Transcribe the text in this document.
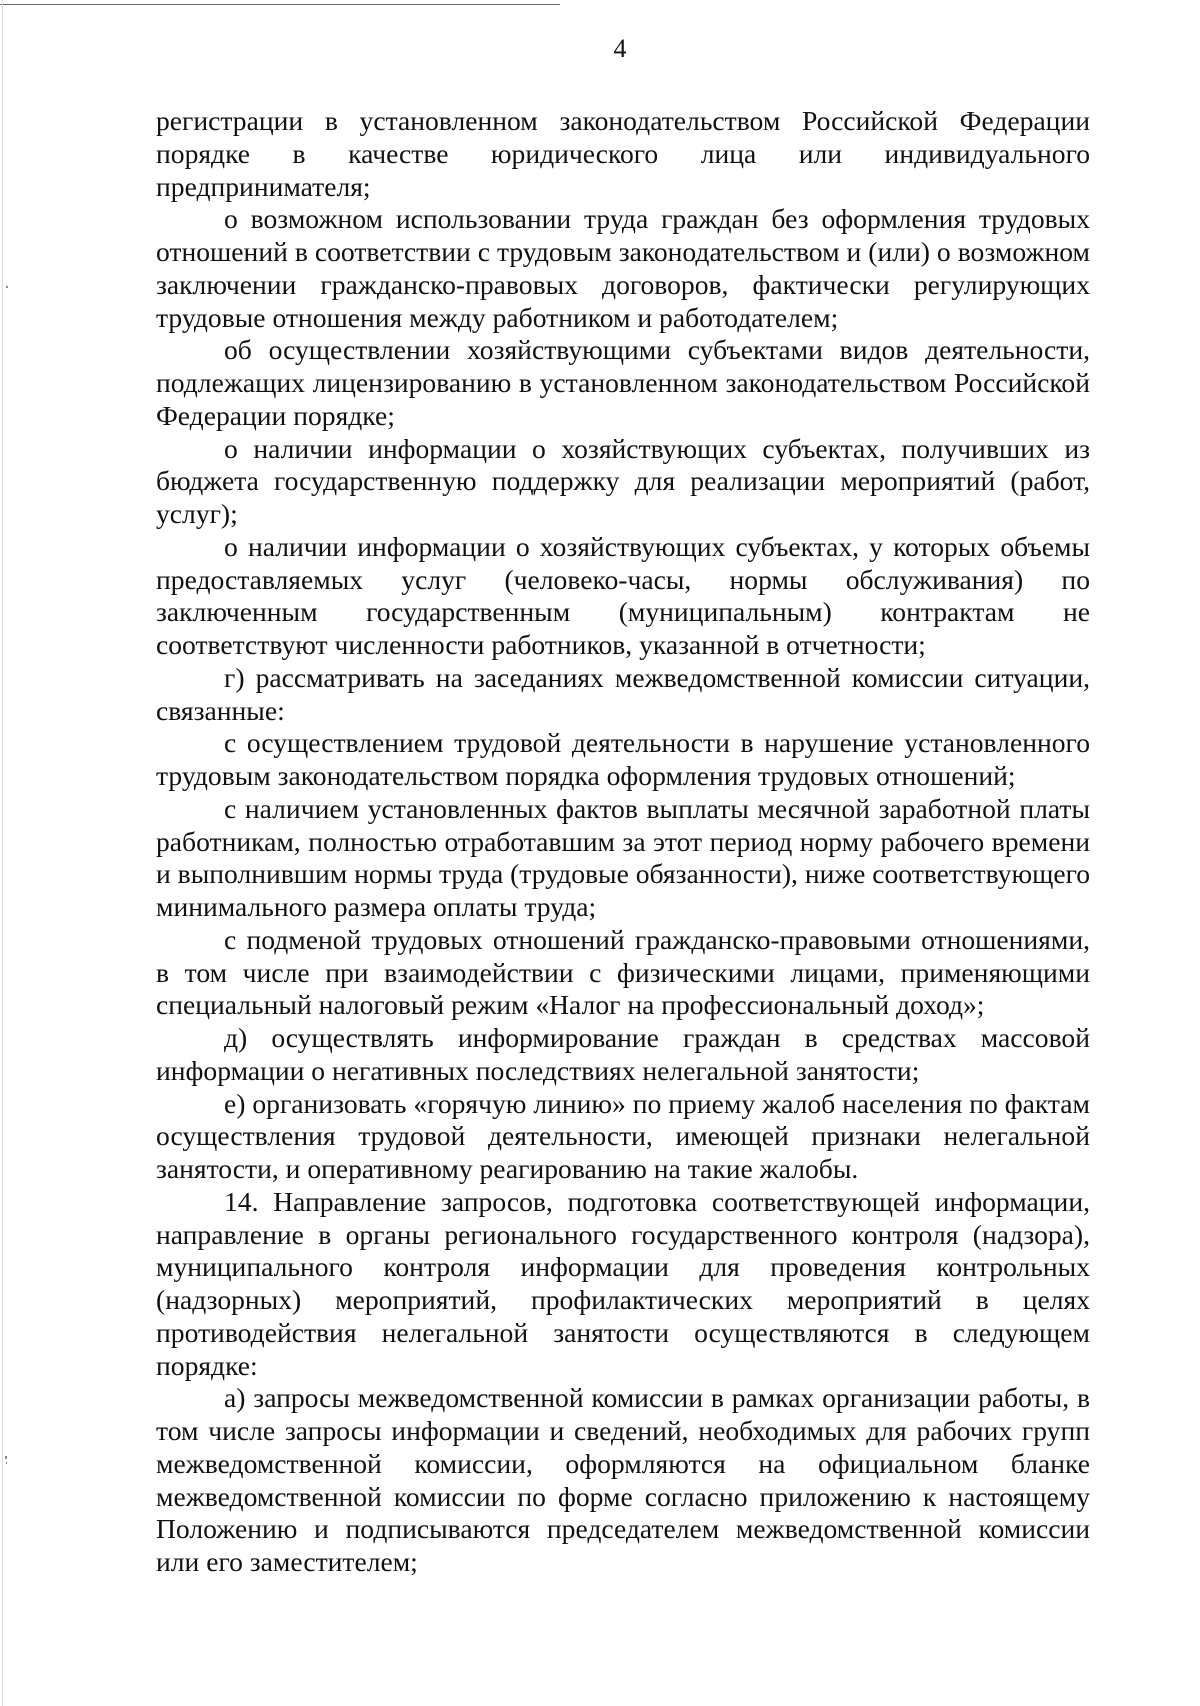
4

регистрации в установленном законодательством Российской Федерации порядке в качестве юридического лица или индивидуального предпринимателя;

о возможном использовании труда граждан без оформления трудовых отношений в соответствии с трудовым законодательством и (или) о возможном заключении гражданско-правовых договоров, фактически регулирующих трудовые отношения между работником и работодателем;

об осуществлении хозяйствующими субъектами видов деятельности, подлежащих лицензированию в установленном законодательством Российской Федерации порядке;

о наличии информации о хозяйствующих субъектах, получивших из бюджета государственную поддержку для реализации мероприятий (работ, услуг);

о наличии информации о хозяйствующих субъектах, у которых объемы предоставляемых услуг (человеко-часы, нормы обслуживания) по заключенным государственным (муниципальным) контрактам не соответствуют численности работников, указанной в отчетности;

г) рассматривать на заседаниях межведомственной комиссии ситуации, связанные:

с осуществлением трудовой деятельности в нарушение установленного трудовым законодательством порядка оформления трудовых отношений;

с наличием установленных фактов выплаты месячной заработной платы работникам, полностью отработавшим за этот период норму рабочего времени и выполнившим нормы труда (трудовые обязанности), ниже соответствующего минимального размера оплаты труда;

с подменой трудовых отношений гражданско-правовыми отношениями, в том числе при взаимодействии с физическими лицами, применяющими специальный налоговый режим «Налог на профессиональный доход»;

д) осуществлять информирование граждан в средствах массовой информации о негативных последствиях нелегальной занятости;

е) организовать «горячую линию» по приему жалоб населения по фактам осуществления трудовой деятельности, имеющей признаки нелегальной занятости, и оперативному реагированию на такие жалобы.

14. Направление запросов, подготовка соответствующей информации, направление в органы регионального государственного контроля (надзора), муниципального контроля информации для проведения контрольных (надзорных) мероприятий, профилактических мероприятий в целях противодействия нелегальной занятости осуществляются в следующем порядке:

а) запросы межведомственной комиссии в рамках организации работы, в том числе запросы информации и сведений, необходимых для рабочих групп межведомственной комиссии, оформляются на официальном бланке межведомственной комиссии по форме согласно приложению к настоящему Положению и подписываются председателем межведомственной комиссии или его заместителем;
